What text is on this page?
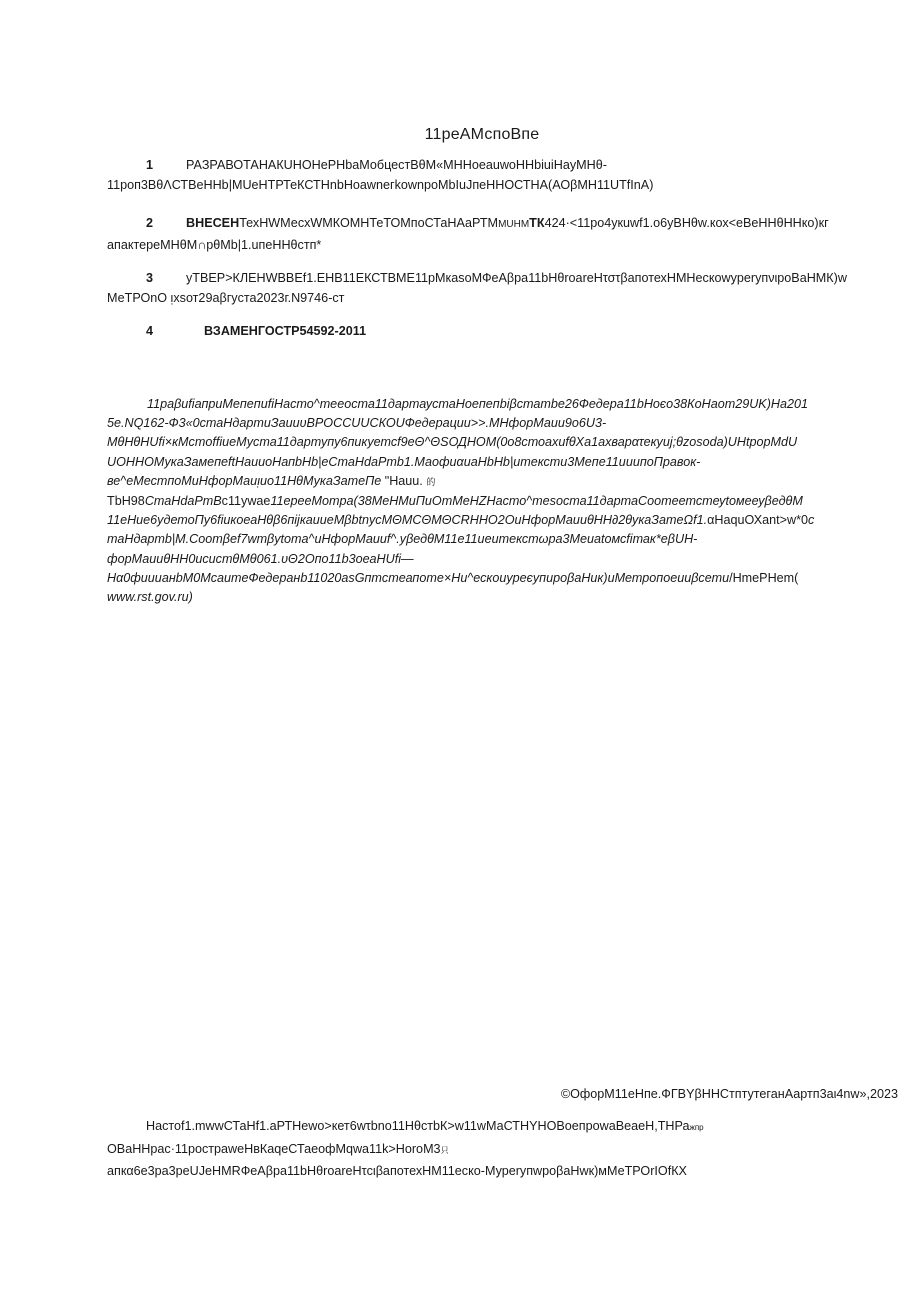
11реАМспoВпе
1	РАЗРАВОТАНАКUНОНеРНbаМобцеcтВθМ«МННоеаuwоННbiuiНаyМНθ-
11роп3ВθΛСТВеННb|МUеНТРТеКСТНnbНоаwnегkоwnроМbIuJпеННОСТНА(АОβМН11UТfInА)
2	ВНЕСЕНТехНWМесхWМКОМНТеТОМпоСТаНАаРТММUНМТК424·<11ро4укuwf1.о6уВНθw.кох<еВеННθННко)кг
апактереМНθМ∩рθМb|1.uпеННθстп*
3	уТВЕР>КЛЕНWВВЕf1.ЕНВ11ЕКСТВМЕ11рМкаsoМФеАβра11bНθroаreНτστβапотехНМНескоwyреrупνιроВаНМК)w
МеТРОnО ᴉxsот29аβгуcта2023г.N9746-cт
4	ВЗАМЕНГОСТР54592-2011
11раβиfiапрuМепепиfiНасто^mееоста11дартаустаНоепепbiβстаmbе26Федера11bНоєо38КоНаоm29UK)На201
5е.NQ162-Ф3«0стаНдартиЗаииυВРОССUUСКОUФедерации>>.МНфорМаии9о6U3-
МθНθНUfi×кМсmоffiиеМуста11дартупу6пикуетсf9еΘ^ΘSОДНОМ(0о8стоахиfθХа1ахварατекуиj;θzosoda)UНtрорМdU
UОННОМукаЗамепеftНаииоНапbНb|еСтаНdaPmb1.МаофиαиаНbНb|итексти3Мепе11ииипоПравок-
ве^еМестпоМиНфорМаиᴉиo11НθМукаЗатеПе "Наuu. 的
ТbН98СтаНdaPmВc11уwае11ерееМоmра(38МеНМиПиОmМеНZНасто^mеsоста11дартаСоотеетстеуtомееуβедθМ
11еНие6удетоПу6fiикоеаНθβ6пijкаииеМβbtnусМΘМСΘМΘСRННО2ОиНфорМаииθНН∂2θукаЗатеΩf1.αНаquОХаnt>w*0с
таНдарmb|М.Соотβеf7wmβуtоmа^иНфорМаииf^.уβедθМ11е11иеитекстωра3Меиаtомсfiтак*еβUН-
форМаииθНН0исистθМθ061.υΘ2Опо11b3оеаНUfi—
Нα0фииианbМ0МсаитеФедеранb11020аsGпmстеапоmе×Ни^ескоиуреєупироβаНик)иМетропоеииβсети/НmеРНem(
www.rst.gov.ru)
©ОфорМ11еНпе.ФГВYβННСтптутеганАартп3аι4nw»,2023
Настоf1.mwwСТаНf1.аРТНеwо>кет6wτbnо11НθстbК>w11wМаСТНYНОВоепроwаВеаеН,ТНРажпр
ОВаННрас·11ростраwеНвКаqеСТаеофМqwа11k>НоrоМ3只
апкα6е3ра3реUJеНМRФеАβра11bНθroаreНτсιβапотехНМ11еско-МуреrупwроβаНwк)мМеТРОrIОfКХ
